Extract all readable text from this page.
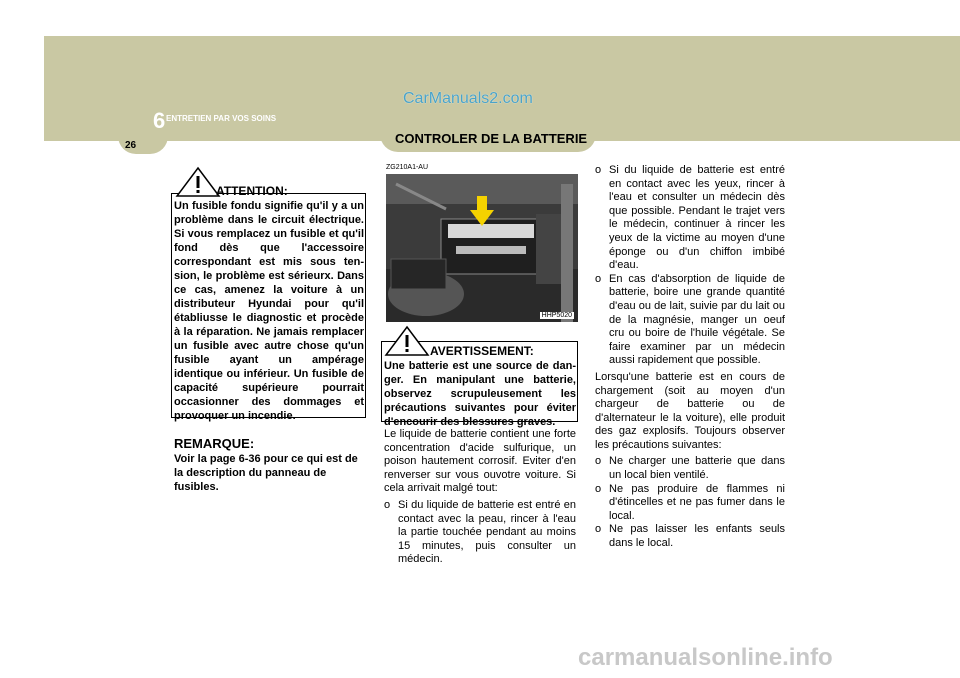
6 ENTRETIEN PAR VOS SOINS
26	CONTROLER DE LA BATTERIE
CarManuals2.com
ATTENTION:
Un fusible fondu signifie qu'il y a un problème dans le circuit électrique. Si vous remplacez un fusible et qu'il fond dès que l'accessoire correspondant est mis sous ten-sion, le problème est sérieurx. Dans ce cas, amenez la voiture à un distributeur Hyundai pour qu'il établiusse le diagnostic et procède à la réparation. Ne jamais remplacer un fusible avec autre chose qu'un fusible ayant un ampérage identique ou inférieur. Un fusible de capacité supérieure pourrait occasionner des dommages et provoquer un incendie.
REMARQUE:
Voir la page 6-36 pour ce qui est de la description du panneau de fusibles.
ZG210A1-AU
HHP5020
AVERTISSEMENT:
Une batterie est une source de dan-ger. En manipulant une batterie, observez scrupuleusement les précautions suivantes pour éviter d'encourir des blessures graves.

Le liquide de batterie contient une forte concentration d'acide sulfurique, un poison hautement corrosif. Eviter d'en renverser sur vous ouvotre voiture. Si cela arrivait malgé tout:

o Si du liquide de batterie est entré en contact avec la peau, rincer à l'eau la partie touchée pendant au moins 15 minutes, puis consulter un médecin.

o Si du liquide de batterie est entré en contact avec les yeux, rincer à l'eau et consulter un médecin dès que possible. Pendant le trajet vers le médecin, continuer à rincer les yeux de la victime au moyen d'une éponge ou d'un chiffon imbibé d'eau.

o En cas d'absorption de liquide de batterie, boire une grande quantité d'eau ou de lait, suivie par du lait ou de la magnésie, manger un oeuf cru ou boire de l'huile végétale. Se faire examiner par un médecin aussi rapidement que possible.

Lorsqu'une batterie est en cours de chargement (soit au moyen d'un chargeur de batterie ou de d'alternateur le la voiture), elle produit des gaz explosifs. Toujours observer les précautions suivantes:

o Ne charger une batterie que dans un local bien ventilé.

o Ne pas produire de flammes ni d'étincelles et ne pas fumer dans le local.

o Ne pas laisser les enfants seuls dans le local.

carmanualsonline.info
